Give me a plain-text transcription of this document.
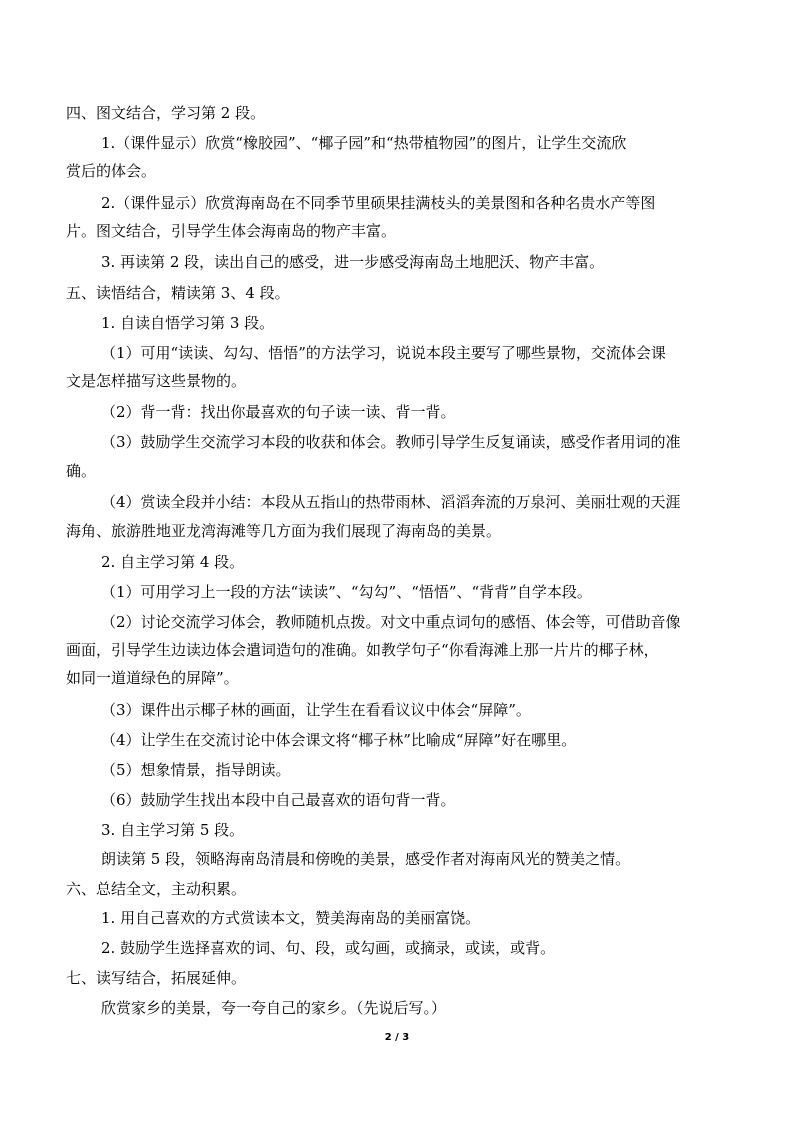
四、图文结合，学习第 2 段。
1.（课件显示）欣赏“橡胶园”、“椰子园”和“热带植物园”的图片，让学生交流欣
赏后的体会。
2.（课件显示）欣赏海南岛在不同季节里硕果挂满枝头的美景图和各种名贵水产等图
片。图文结合，引导学生体会海南岛的物产丰富。
3. 再读第 2 段，读出自己的感受，进一步感受海南岛土地肥沃、物产丰富。
五、读悟结合，精读第 3、4 段。
1. 自读自悟学习第 3 段。
（1）可用“读读、勾勾、悟悟”的方法学习，说说本段主要写了哪些景物，交流体会课
文是怎样描写这些景物的。
（2）背一背：找出你最喜欢的句子读一读、背一背。
（3）鼓励学生交流学习本段的收获和体会。教师引导学生反复诵读，感受作者用词的准
确。
（4）赏读全段并小结：本段从五指山的热带雨林、滔滔奔流的万泉河、美丽壮观的天涯
海角、旅游胜地亚龙湾海滩等几方面为我们展现了海南岛的美景。
2. 自主学习第 4 段。
（1）可用学习上一段的方法“读读”、“勾勾”、“悟悟”、“背背”自学本段。
（2）讨论交流学习体会，教师随机点拨。对文中重点词句的感悟、体会等，可借助音像
画面，引导学生边读边体会遣词造句的准确。如教学句子“你看海滩上那一片片的椰子林，
如同一道道绿色的屏障”。
（3）课件出示椰子林的画面，让学生在看看议议中体会“屏障”。
（4）让学生在交流讨论中体会课文将“椰子林”比喻成“屏障”好在哪里。
（5）想象情景，指导朗读。
（6）鼓励学生找出本段中自己最喜欢的语句背一背。
3. 自主学习第 5 段。
朗读第 5 段，领略海南岛清晨和傍晚的美景，感受作者对海南风光的赞美之情。
六、总结全文，主动积累。
1. 用自己喜欢的方式赏读本文，赞美海南岛的美丽富饶。
2. 鼓励学生选择喜欢的词、句、段，或勾画，或摘录，或读，或背。
七、读写结合，拓展延伸。
欣赏家乡的美景，夸一夸自己的家乡。（先说后写。）
2 / 3
